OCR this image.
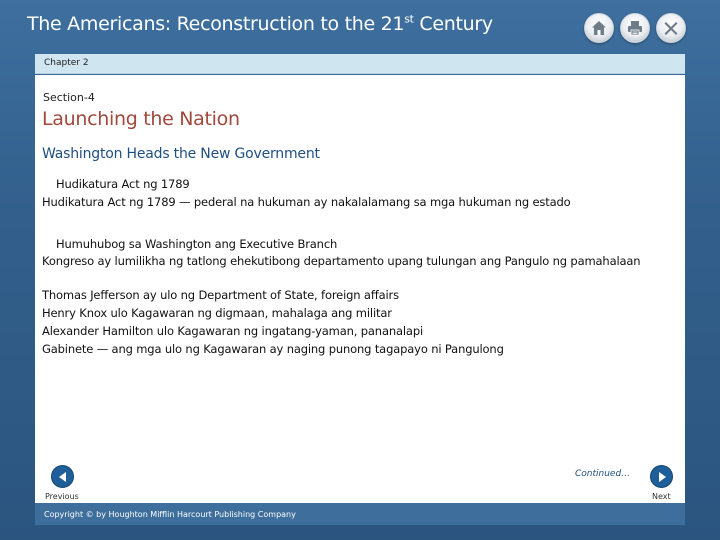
The Americans: Reconstruction to the 21st Century
Chapter 2
Section-4
Launching the Nation
Washington Heads the New Government
Hudikatura Act ng 1789
Hudikatura Act ng 1789 — pederal na hukuman ay nakalalamang sa mga hukuman ng estado
Humuhubog sa Washington ang Executive Branch
Kongreso ay lumilikha ng tatlong ehekutibong departamento upang tulungan ang Pangulo ng pamahalaan
Thomas Jefferson ay ulo ng Department of State, foreign affairs
Henry Knox ulo Kagawaran ng digmaan, mahalaga ang militar
Alexander Hamilton ulo Kagawaran ng ingatang-yaman, pananalapi
Gabinete — ang mga ulo ng Kagawaran ay naging punong tagapayo ni Pangulong
Continued…
Previous	Next
Copyright © by Houghton Mifflin Harcourt Publishing Company
